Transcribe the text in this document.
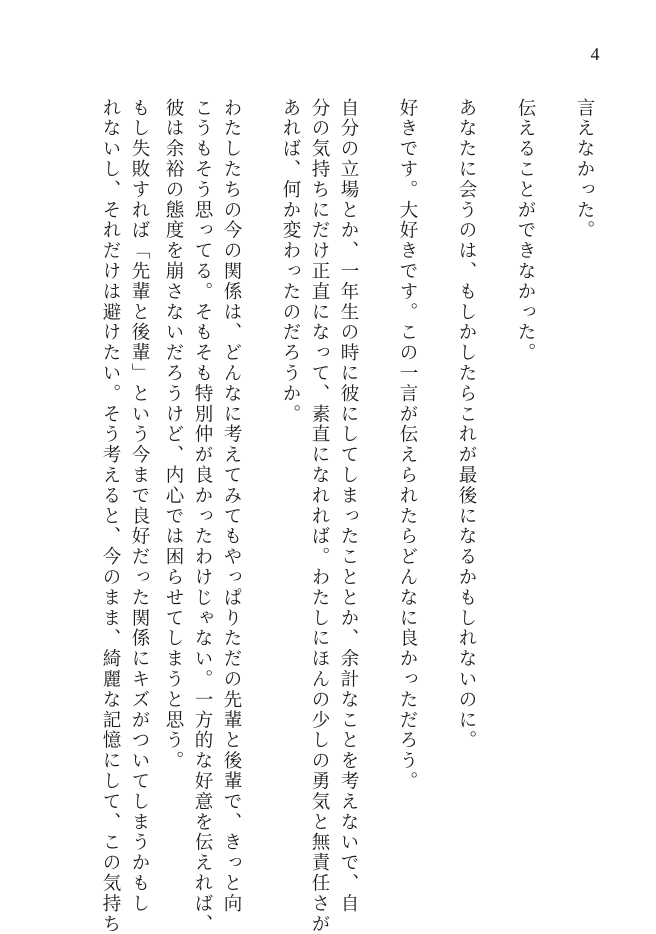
4
言えなかった。
伝えることができなかった。
あなたに会うのは、もしかしたらこれが最後になるかもしれないのに。
好きです。大好きです。この一言が伝えられたらどんなに良かっただろう。
自分の立場とか、一年生の時に彼にしてしまったこととか、余計なことを考えないで、自
分の気持ちにだけ正直になって、素直になれれば。わたしにほんの少しの勇気と無責任さが
あれば、何か変わったのだろうか。
わたしたちの今の関係は、どんなに考えてみてもやっぱりただの先輩と後輩で、きっと向
こうもそう思ってる。そもそも特別仲が良かったわけじゃない。一方的な好意を伝えれば、
彼は余裕の態度を崩さないだろうけど、内心では困らせてしまうと思う。
もし失敗すれば「先輩と後輩」という今まで良好だった関係にキズがついてしまうかもし
れないし、それだけは避けたい。そう考えると、今のまま、綺麗な記憶にして、この気持ち
